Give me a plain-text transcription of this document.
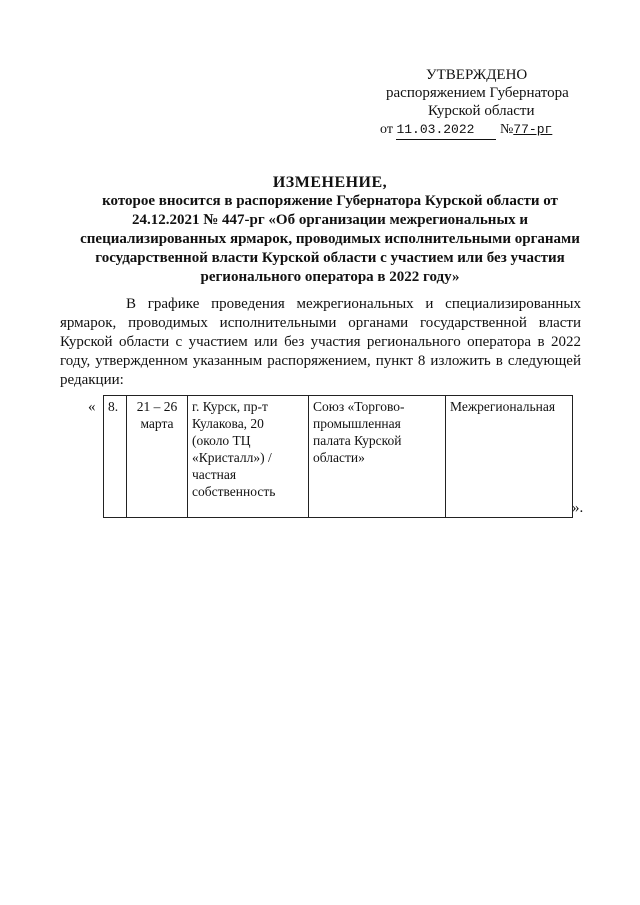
УТВЕРЖДЕНО
распоряжением Губернатора
Курской области
от 11.03.2022 №77-рг
ИЗМЕНЕНИЕ,
которое вносится в распоряжение Губернатора Курской области от 24.12.2021 № 447-рг «Об организации межрегиональных и специализированных ярмарок, проводимых исполнительными органами государственной власти Курской области с участием или без участия регионального оператора в 2022 году»

В графике проведения межрегиональных и специализированных ярмарок, проводимых исполнительными органами государственной власти Курской области с участием или без участия регионального оператора в 2022 году, утвержденном указанным распоряжением, пункт 8 изложить в следующей редакции:

« 8.	21 – 26 марта	г. Курск, пр-т Кулакова, 20 (около ТЦ «Кристалл») / частная собственность	Союз «Торгово-промышленная палата Курской области»	Межрегиональная
».
